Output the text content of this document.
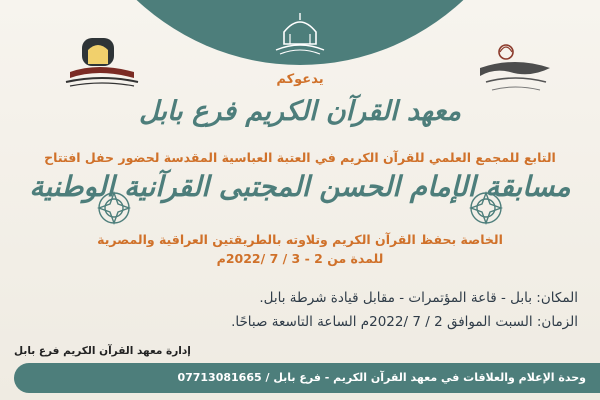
يدعوكم
معهد القرآن الكريم فرع بابل
التابع للمجمع العلمي للقرآن الكريم في العتبة العباسية المقدسة لحضور حفل افتتاح
مسابقة الإمام الحسن المجتبى القرآنية الوطنية
الخاصة بحفظ القرآن الكريم وتلاوته بالطريقتين العراقية والمصرية
للمدة من 2 - 3 / 7 /2022م
المكان: بابل - قاعة المؤتمرات - مقابل قيادة شرطة بابل.
الزمان: السبت الموافق 2 / 7 /2022م الساعة التاسعة صباحًا.
إدارة معهد القرآن الكريم فرع بابل
وحدة الإعلام والعلاقات في معهد القرآن الكريم - فرع بابل / 07713081665
